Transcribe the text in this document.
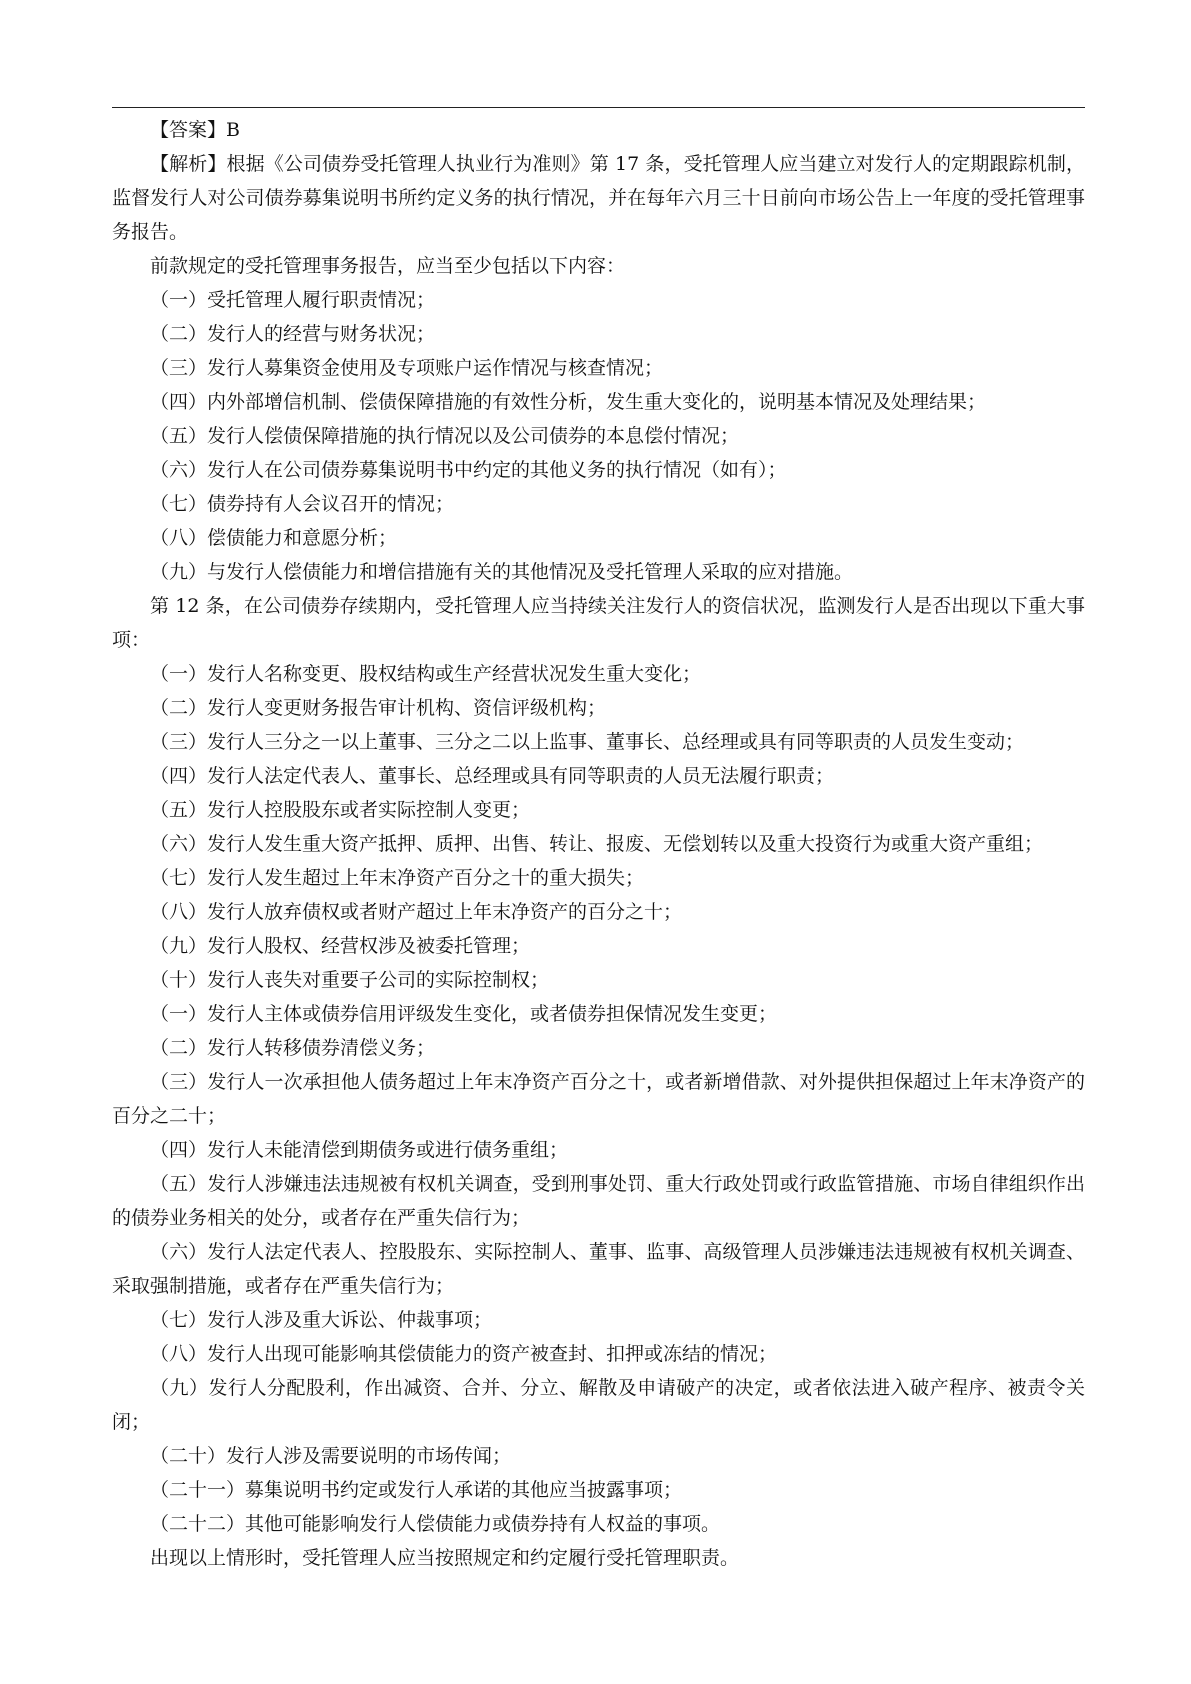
【答案】B

【解析】根据《公司债券受托管理人执业行为准则》第 17 条，受托管理人应当建立对发行人的定期跟踪机制，监督发行人对公司债券募集说明书所约定义务的执行情况，并在每年六月三十日前向市场公告上一年度的受托管理事务报告。

前款规定的受托管理事务报告，应当至少包括以下内容：

（一）受托管理人履行职责情况；

（二）发行人的经营与财务状况；

（三）发行人募集资金使用及专项账户运作情况与核查情况；

（四）内外部增信机制、偿债保障措施的有效性分析，发生重大变化的，说明基本情况及处理结果；

（五）发行人偿债保障措施的执行情况以及公司债券的本息偿付情况；

（六）发行人在公司债券募集说明书中约定的其他义务的执行情况（如有）；

（七）债券持有人会议召开的情况；

（八）偿债能力和意愿分析；

（九）与发行人偿债能力和增信措施有关的其他情况及受托管理人采取的应对措施。

第 12 条，在公司债券存续期内，受托管理人应当持续关注发行人的资信状况，监测发行人是否出现以下重大事项：

（一）发行人名称变更、股权结构或生产经营状况发生重大变化；

（二）发行人变更财务报告审计机构、资信评级机构；

（三）发行人三分之一以上董事、三分之二以上监事、董事长、总经理或具有同等职责的人员发生变动；

（四）发行人法定代表人、董事长、总经理或具有同等职责的人员无法履行职责；

（五）发行人控股股东或者实际控制人变更；

（六）发行人发生重大资产抵押、质押、出售、转让、报废、无偿划转以及重大投资行为或重大资产重组；

（七）发行人发生超过上年末净资产百分之十的重大损失；

（八）发行人放弃债权或者财产超过上年末净资产的百分之十；

（九）发行人股权、经营权涉及被委托管理；

（十）发行人丧失对重要子公司的实际控制权；

（一）发行人主体或债券信用评级发生变化，或者债券担保情况发生变更；

（二）发行人转移债券清偿义务；

（三）发行人一次承担他人债务超过上年末净资产百分之十，或者新增借款、对外提供担保超过上年末净资产的百分之二十；

（四）发行人未能清偿到期债务或进行债务重组；

（五）发行人涉嫌违法违规被有权机关调查，受到刑事处罚、重大行政处罚或行政监管措施、市场自律组织作出的债券业务相关的处分，或者存在严重失信行为；

（六）发行人法定代表人、控股股东、实际控制人、董事、监事、高级管理人员涉嫌违法违规被有权机关调查、采取强制措施，或者存在严重失信行为；

（七）发行人涉及重大诉讼、仲裁事项；

（八）发行人出现可能影响其偿债能力的资产被查封、扣押或冻结的情况；

（九）发行人分配股利，作出减资、合并、分立、解散及申请破产的决定，或者依法进入破产程序、被责令关闭；

（二十）发行人涉及需要说明的市场传闻；

（二十一）募集说明书约定或发行人承诺的其他应当披露事项；

（二十二）其他可能影响发行人偿债能力或债券持有人权益的事项。

出现以上情形时，受托管理人应当按照规定和约定履行受托管理职责。
